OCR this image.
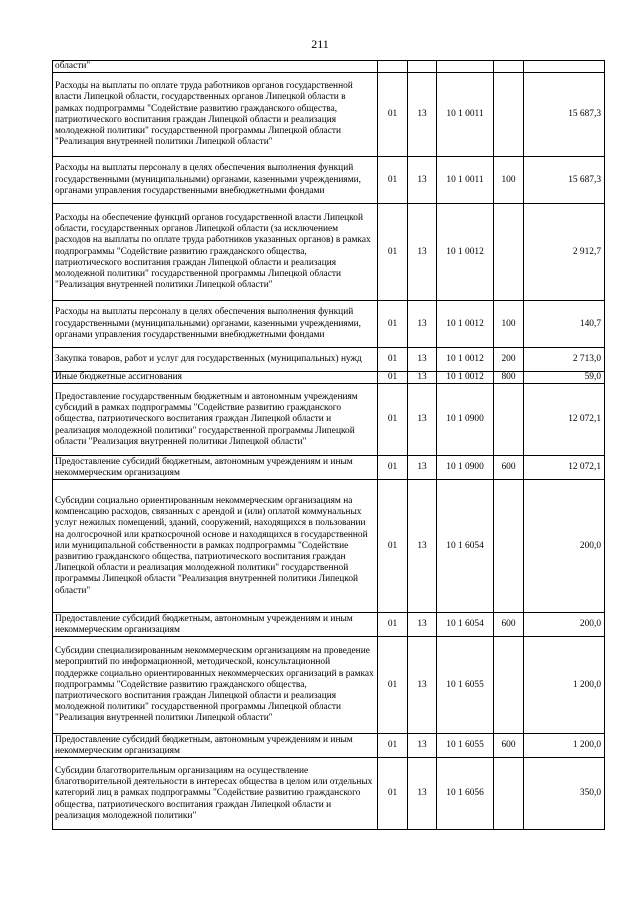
211
области"					
Расходы на выплаты по оплате труда работников органов государственной власти Липецкой области, государственных органов Липецкой области в рамках подпрограммы "Содействие развитию гражданского общества, патриотического воспитания граждан Липецкой области и реализация молодежной политики" государственной программы Липецкой области "Реализация внутренней политики Липецкой области"	01	13	10 1 0011		15 687,3
Расходы на выплаты персоналу в целях обеспечения выполнения функций государственными (муниципальными) органами, казенными учреждениями, органами управления государственными внебюджетными фондами	01	13	10 1 0011	100	15 687,3
Расходы на обеспечение функций органов государственной власти Липецкой области, государственных органов Липецкой области (за исключением расходов на выплаты по оплате труда работников указанных органов) в рамках подпрограммы "Содействие развитию гражданского общества, патриотического воспитания граждан Липецкой области и реализация молодежной политики" государственной программы Липецкой области "Реализация внутренней политики Липецкой области"	01	13	10 1 0012		2 912,7
Расходы на выплаты персоналу в целях обеспечения выполнения функций государственными (муниципальными) органами, казенными учреждениями, органами управления государственными внебюджетными фондами	01	13	10 1 0012	100	140,7
Закупка товаров, работ и услуг для государственных (муниципальных) нужд	01	13	10 1 0012	200	2 713,0
Иные бюджетные ассигнования	01	13	10 1 0012	800	59,0
Предоставление государственным бюджетным и автономным учреждениям субсидий в рамках подпрограммы "Содействие развитию гражданского общества, патриотического воспитания граждан Липецкой области и реализация молодежной политики" государственной программы Липецкой области "Реализация внутренней политики Липецкой области"	01	13	10 1 0900		12 072,1
Предоставление субсидий бюджетным, автономным учреждениям и иным некоммерческим организациям	01	13	10 1 0900	600	12 072,1
Субсидии социально ориентированным некоммерческим организациям на компенсацию расходов, связанных с арендой и (или) оплатой коммунальных услуг нежилых помещений, зданий, сооружений, находящихся в пользовании на долгосрочной или краткосрочной основе и находящихся в государственной или муниципальной собственности в рамках подпрограммы "Содействие развитию гражданского общества, патриотического воспитания граждан Липецкой области и реализация молодежной политики" государственной программы Липецкой области "Реализация внутренней политики Липецкой области"	01	13	10 1 6054		200,0
Предоставление субсидий бюджетным, автономным учреждениям и иным некоммерческим организациям	01	13	10 1 6054	600	200,0
Субсидии специализированным некоммерческим организациям на проведение мероприятий по информационной, методической, консультационной поддержке социально ориентированных некоммерческих организаций в рамках подпрограммы "Содействие развитию гражданского общества, патриотического воспитания граждан Липецкой области и реализация молодежной политики" государственной программы Липецкой области "Реализация внутренней политики Липецкой области"	01	13	10 1 6055		1 200,0
Предоставление субсидий бюджетным, автономным учреждениям и иным некоммерческим организациям	01	13	10 1 6055	600	1 200,0
Субсидии благотворительным организациям на осуществление благотворительной деятельности в интересах общества в целом или отдельных категорий лиц в рамках подпрограммы "Содействие развитию гражданского общества, патриотического воспитания граждан Липецкой области и реализация молодежной политики"	01	13	10 1 6056		350,0
